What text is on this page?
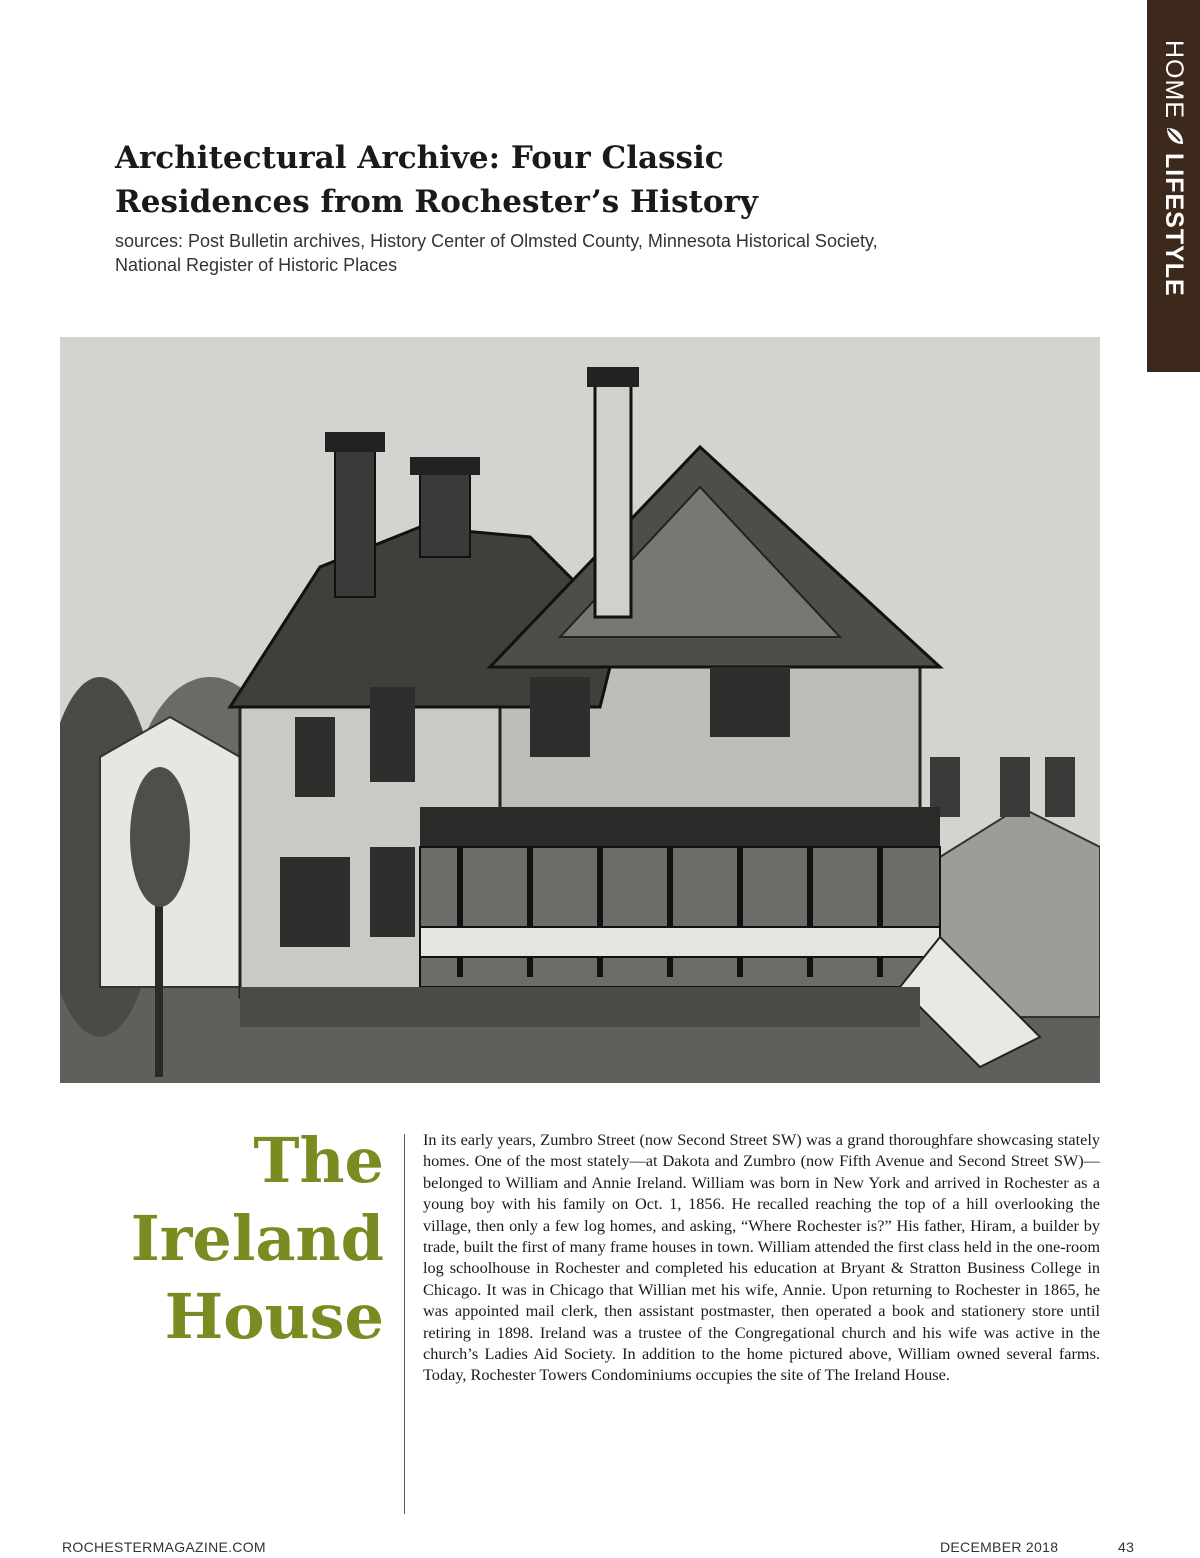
HOMELIFESTYLE
Architectural Archive: Four Classic
Residences from Rochester’s History

sources: Post Bulletin archives, History Center of Olmsted County, Minnesota Historical Society, National Register of Historic Places

The
Ireland
House

In its early years, Zumbro Street (now Second Street SW) was a grand thoroughfare showcasing stately homes. One of the most stately—at Dakota and Zumbro (now Fifth Avenue and Second Street SW)—belonged to William and Annie Ireland. William was born in New York and arrived in Rochester as a young boy with his family on Oct. 1, 1856. He recalled reaching the top of a hill overlooking the village, then only a few log homes, and asking, “Where Rochester is?” His father, Hiram, a builder by trade, built the first of many frame houses in town. William attended the first class held in the one-room log schoolhouse in Rochester and completed his education at Bryant & Stratton Business College in Chicago. It was in Chicago that Willian met his wife, Annie. Upon returning to Rochester in 1865, he was appointed mail clerk, then assistant postmaster, then operated a book and stationery store until retiring in 1898. Ireland was a trustee of the Congregational church and his wife was active in the church’s Ladies Aid Society. In addition to the home pictured above, William owned several farms. Today, Rochester Towers Condominiums occupies the site of The Ireland House.

ROCHESTERMAGAZINE.COM	DECEMBER 2018	43
